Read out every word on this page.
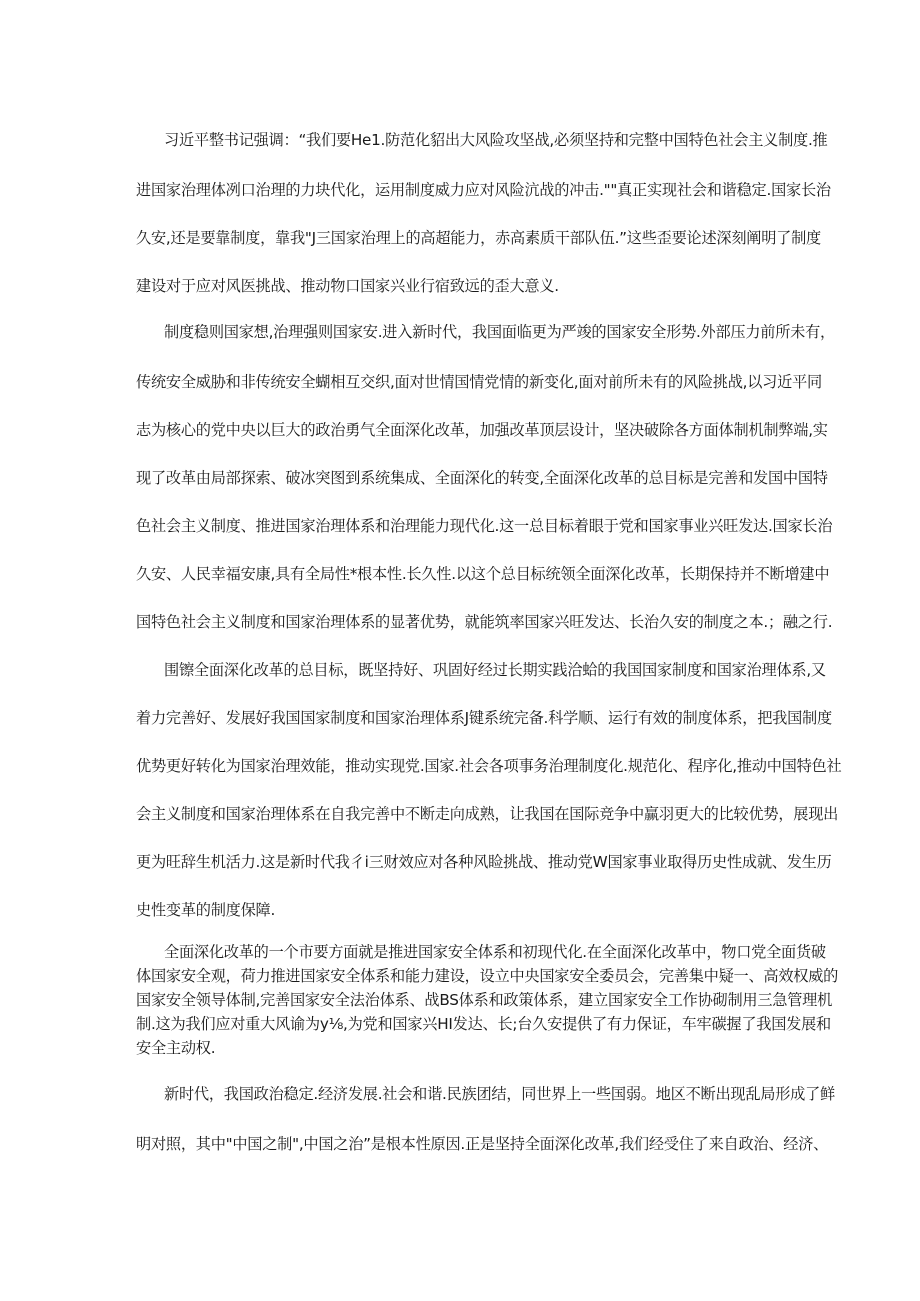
习近平整书记强调：“我们要He1.防范化貂出大风险攻坚战,必须坚持和完整中国特色社会主义制度.推
进国家治理体冽口治理的力块代化，运用制度威力应对风险沆战的冲击.""真正实现社会和谐稳定.国家长治
久安,还是要靠制度，靠我"J三国家治理上的高超能力，赤高素质干部队伍.”这些歪要论述深刻阐明了制度
建设对于应对风医挑战、推动物口国家兴业行宿致远的歪大意义.
制度稳则国家想,治理强则国家安.进入新时代，我国面临更为严竣的国家安全形势.外部压力前所未有，
传统安全威胁和非传统安全蝴相互交织,面对世情国情党情的新变化,面对前所未有的风险挑战,以习近平同
志为核心的党中央以巨大的政治勇气全面深化改革，加强改革顶层设计，坚决破除各方面体制机制弊端,实
现了改革由局部探索、破冰突图到系统集成、全面深化的转变,全面深化改革的总目标是完善和发国中国特
色社会主义制度、推进国家治理体系和治理能力现代化.这一总目标着眼于党和国家事业兴旺发达.国家长治
久安、人民幸福安康,具有全局性*根本性.长久性.以这个总目标统领全面深化改革，长期保持并不断增建中
国特色社会主义制度和国家治理体系的显著优势，就能筑率国家兴旺发达、长治久安的制度之本.；融之行.
围镲全面深化改革的总目标，既坚持好、巩固好经过长期实践洽蛤的我国国家制度和国家治理体系,又
着力完善好、发展好我国国家制度和国家治理体系J键系统完备.科学顺、运行有效的制度体系，把我国制度
优势更好转化为国家治理效能，推动实现党.国家.社会各项事务治理制度化.规范化、程序化,推动中国特色社
会主义制度和国家治理体系在自我完善中不断走向成熟，让我国在国际竞争中赢羽更大的比较优势，展现出
更为旺辞生机活力.这是新时代我彳i三财效应对各种风睑挑战、推动党W国家事业取得历史性成就、发生历
史性变革的制度保障.
全面深化改革的一个市要方面就是推进国家安全体系和初现代化.在全面深化改革中，物口党全面货破
体国家安全观，荷力推进国家安全体系和能力建设，设立中央国家安全委员会，完善集中疑一、高效权威的
国家安全领导体制,完善国家安全法治体系、战BS体系和政策体系，建立国家安全工作协砌制用三急管理机
制.这为我们应对重大风谕为y⅛,为党和国家兴HI发达、长;台久安提供了有力保证，车牢碳握了我国发展和
安全主动权.
新时代，我国政治稳定.经济发展.社会和谐.民族团结，同世界上一些国弱。地区不断出现乱局形成了鲜
明对照，其中"中国之制",中国之治”是根本性原因.正是坚持全面深化改革,我们经受住了来自政治、经济、
